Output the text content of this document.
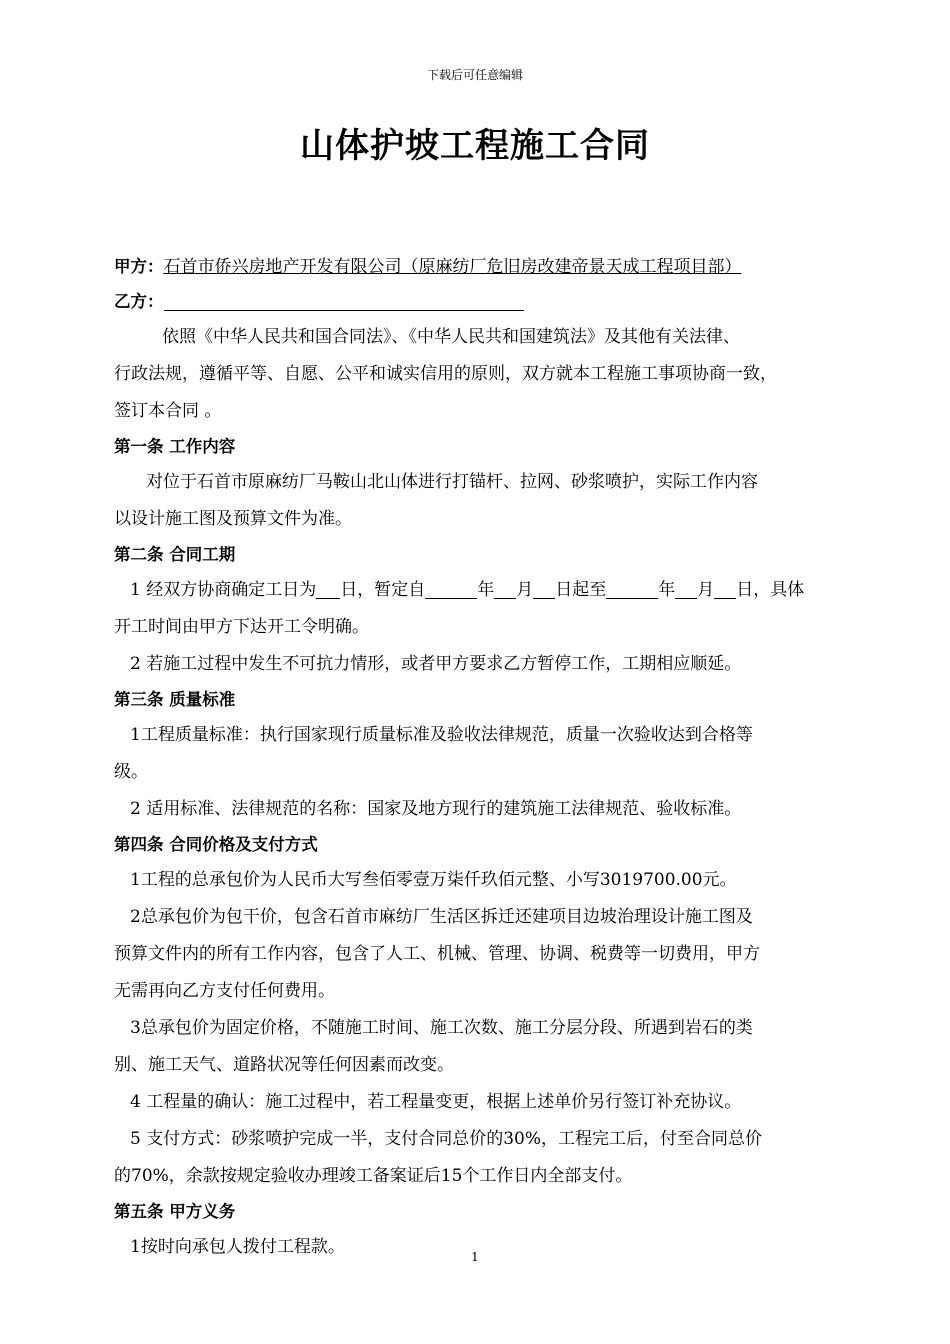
下载后可任意编辑
山体护坡工程施工合同
甲方：石首市侨兴房地产开发有限公司（原麻纺厂危旧房改建帝景天成工程项目部）
乙方：
依照《中华人民共和国合同法》、《中华人民共和国建筑法》及其他有关法律、
行政法规，遵循平等、自愿、公平和诚实信用的原则，双方就本工程施工事项协商一致，
签订本合同 。
第一条 工作内容
对位于石首市原麻纺厂马鞍山北山体进行打锚杆、拉网、砂浆喷护，实际工作内容
以设计施工图及预算文件为准。
第二条 合同工期
1 经双方协商确定工日为 日，暂定自	年 月 日起至	年 月 日，具体
开工时间由甲方下达开工令明确。
2 若施工过程中发生不可抗力情形，或者甲方要求乙方暂停工作，工期相应顺延。
第三条 质量标准
1工程质量标准：执行国家现行质量标准及验收法律规范，质量一次验收达到合格等
级。
2 适用标准、法律规范的名称：国家及地方现行的建筑施工法律规范、验收标准。
第四条 合同价格及支付方式
1工程的总承包价为人民币大写叁佰零壹万柒仟玖佰元整、小写3019700.00元。
2总承包价为包干价，包含石首市麻纺厂生活区拆迁还建项目边坡治理设计施工图及
预算文件内的所有工作内容，包含了人工、机械、管理、协调、税费等一切费用，甲方
无需再向乙方支付任何费用。
3总承包价为固定价格，不随施工时间、施工次数、施工分层分段、所遇到岩石的类
别、施工天气、道路状况等任何因素而改变。
4 工程量的确认：施工过程中，若工程量变更，根据上述单价另行签订补充协议。
5 支付方式：砂浆喷护完成一半，支付合同总价的30%，工程完工后，付至合同总价
的70%，余款按规定验收办理竣工备案证后15个工作日内全部支付。
第五条 甲方义务
1按时向承包人拨付工程款。	1
